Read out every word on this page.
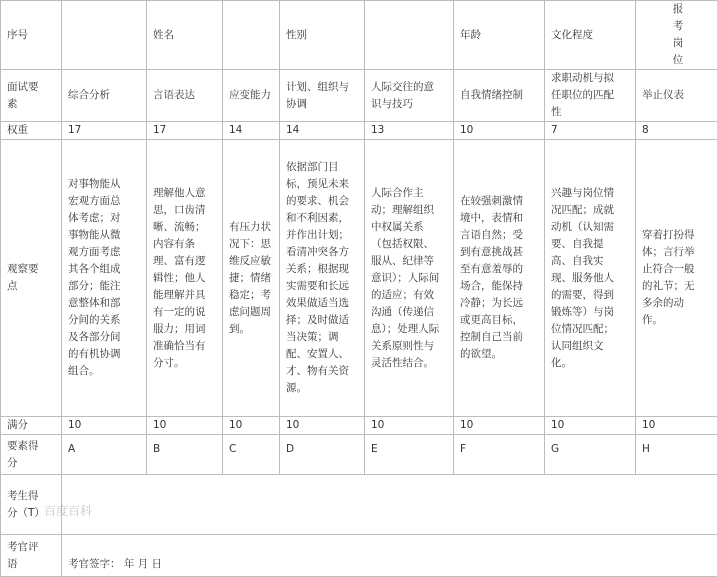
序号		姓名		性别		年龄	文化程度	报考岗位

面试要素	综合分析	言语表达	应变能力	计划、组织与协调	人际交往的意识与技巧	自我情绪控制	求职动机与拟任职位的匹配性	举止仪表
权重	17	17	14	14	13	10	7	8

观察要点	对事物能从宏观方面总体考虑；对事物能从微观方面考虑其各个组成部分；能注意整体和部分间的关系及各部分间的有机协调组合。	理解他人意思，口齿清晰、流畅；内容有条理、富有逻辑性；他人能理解并具有一定的说服力；用词准确恰当有分寸。	有压力状况下：思维反应敏捷；情绪稳定；考虑问题周到。	依据部门目标，预见未来的要求、机会和不利因素，并作出计划；看清冲突各方关系；根据现实需要和长远效果做适当选择；及时做适当决策；调配、安置人、才、物有关资源。	人际合作主动；理解组织中权属关系（包括权限、服从、纪律等意识）；人际间的适应；有效沟通（传递信息）；处理人际关系原则性与灵活性结合。	在较强刺激情境中，表情和言语自然；受到有意挑战甚至有意羞辱的场合，能保持冷静；为长远或更高目标，控制自己当前的欲望。	兴趣与岗位情况匹配；成就动机（认知需要、自我提高、自我实现、服务他人的需要，得到锻炼等）与岗位情况匹配；认同组织文化。	穿着打扮得体；言行举止符合一般的礼节；无多余的动作。

满分	10	10	10	10	10	10	10	10

要素得分	A	B	C	D	E	F	G	H

考生得分（T）								

考官评语	考官签字： 年 月 日							
百度百科
